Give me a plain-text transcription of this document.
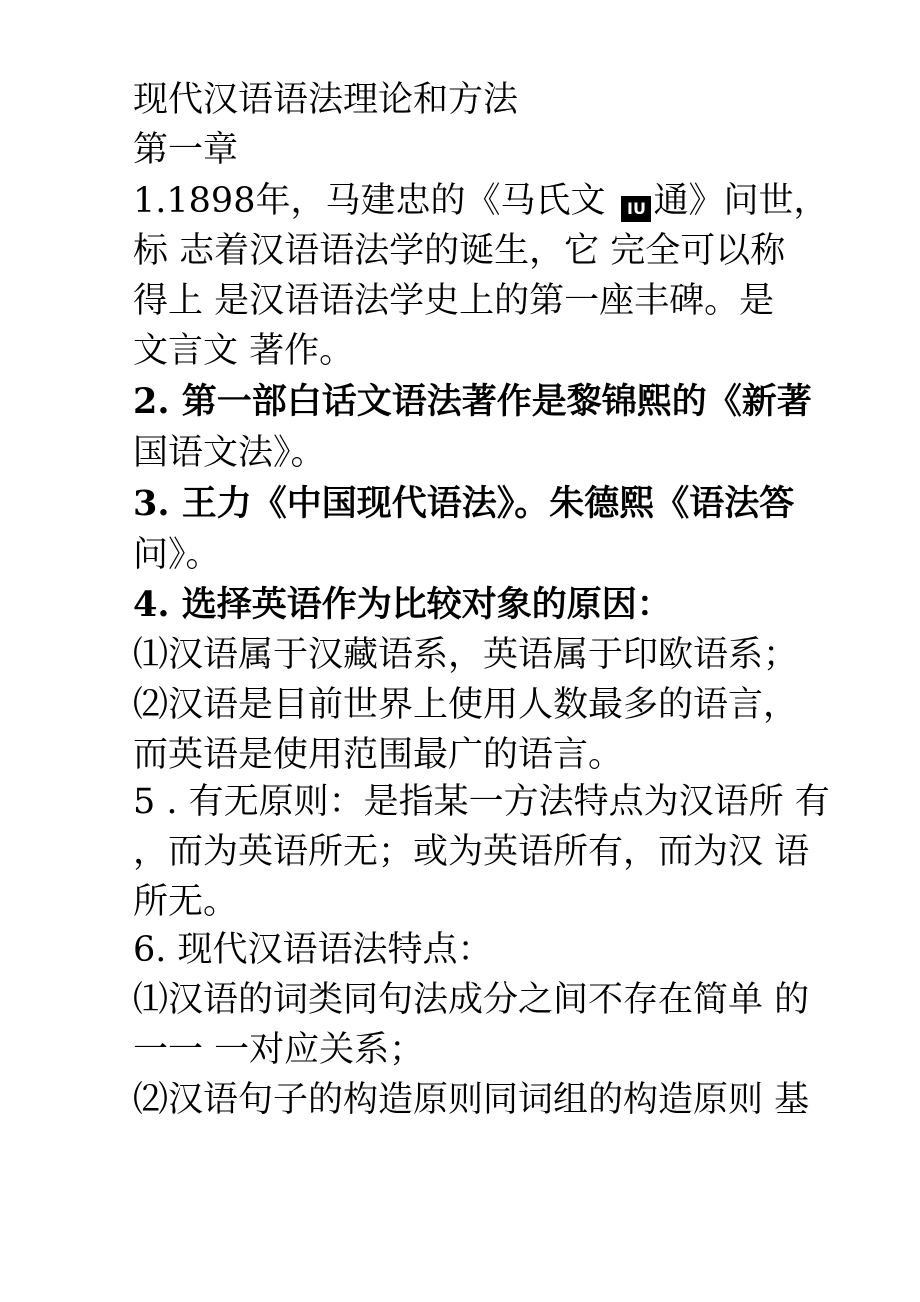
现代汉语语法理论和方法
第一章
1.1898年，马建忠的《马氏文 IU 通》问世，
标 志着汉语语法学的诞生，它 完全可以称
得上 是汉语语法学史上的第一座丰碑。是
文言文 著作。
2. 第一部白话文语法著作是黎锦熙的《新著
国语文法》。
3. 王力《中国现代语法》。朱德熙《语法答
问》。
4. 选择英语作为比较对象的原因：
⑴汉语属于汉藏语系，英语属于印欧语系；
⑵汉语是目前世界上使用人数最多的语言，
而英语是使用范围最广的语言。
5 . 有无原则：是指某一方法特点为汉语所 有
，而为英语所无；或为英语所有，而为汉 语
所无。
6. 现代汉语语法特点：
⑴汉语的词类同句法成分之间不存在简单 的
一一 一对应关系；
⑵汉语句子的构造原则同词组的构造原则 基
